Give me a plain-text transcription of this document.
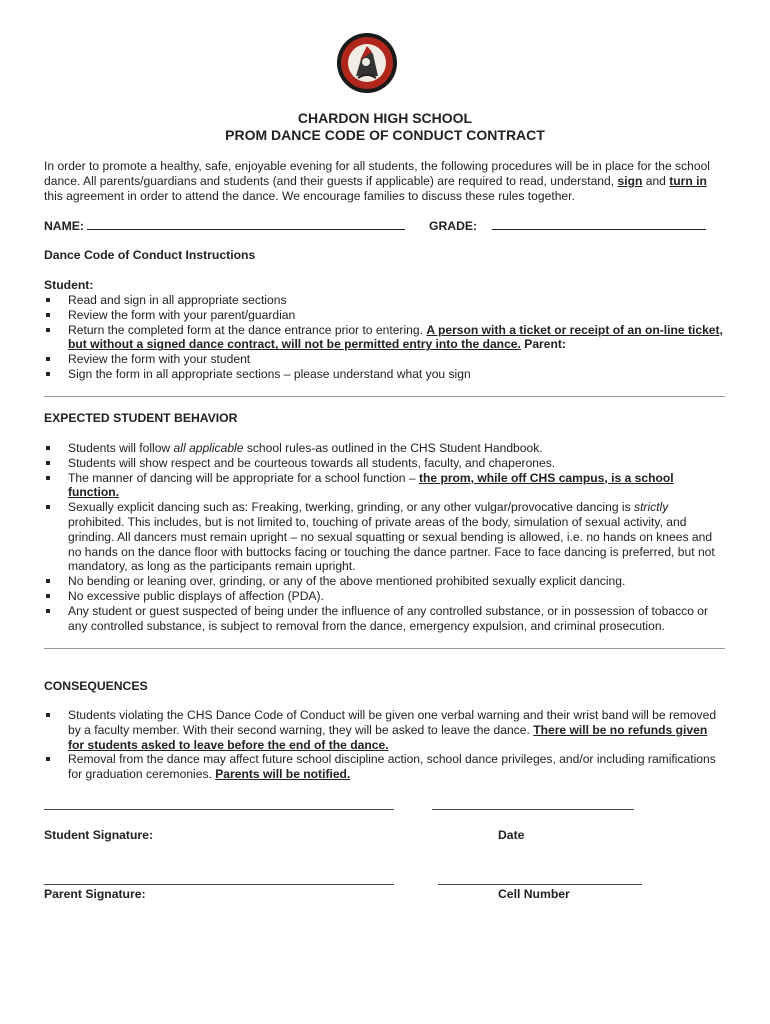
CHARDON HIGH SCHOOL
PROM DANCE CODE OF CONDUCT CONTRACT
In order to promote a healthy, safe, enjoyable evening for all students, the following procedures will be in place for the school dance. All parents/guardians and students (and their guests if applicable) are required to read, understand, sign and turn in this agreement in order to attend the dance. We encourage families to discuss these rules together.
NAME:	GRADE:
Dance Code of Conduct Instructions
Student:
Read and sign in all appropriate sections
Review the form with your parent/guardian
Return the completed form at the dance entrance prior to entering. A person with a ticket or receipt of an on-line ticket, but without a signed dance contract, will not be permitted entry into the dance. Parent:
Review the form with your student
Sign the form in all appropriate sections – please understand what you sign
EXPECTED STUDENT BEHAVIOR
Students will follow all applicable school rules-as outlined in the CHS Student Handbook.
Students will show respect and be courteous towards all students, faculty, and chaperones.
The manner of dancing will be appropriate for a school function – the prom, while off CHS campus, is a school function.
Sexually explicit dancing such as: Freaking, twerking, grinding, or any other vulgar/provocative dancing is strictly prohibited. This includes, but is not limited to, touching of private areas of the body, simulation of sexual activity, and grinding. All dancers must remain upright – no sexual squatting or sexual bending is allowed, i.e. no hands on knees and no hands on the dance floor with buttocks facing or touching the dance partner. Face to face dancing is preferred, but not mandatory, as long as the participants remain upright.
No bending or leaning over, grinding, or any of the above mentioned prohibited sexually explicit dancing.
No excessive public displays of affection (PDA).
Any student or guest suspected of being under the influence of any controlled substance, or in possession of tobacco or any controlled substance, is subject to removal from the dance, emergency expulsion, and criminal prosecution.
CONSEQUENCES
Students violating the CHS Dance Code of Conduct will be given one verbal warning and their wrist band will be removed by a faculty member. With their second warning, they will be asked to leave the dance. There will be no refunds given for students asked to leave before the end of the dance.
Removal from the dance may affect future school discipline action, school dance privileges, and/or including ramifications for graduation ceremonies. Parents will be notified.
Student Signature:	Date
Parent Signature:	Cell Number
